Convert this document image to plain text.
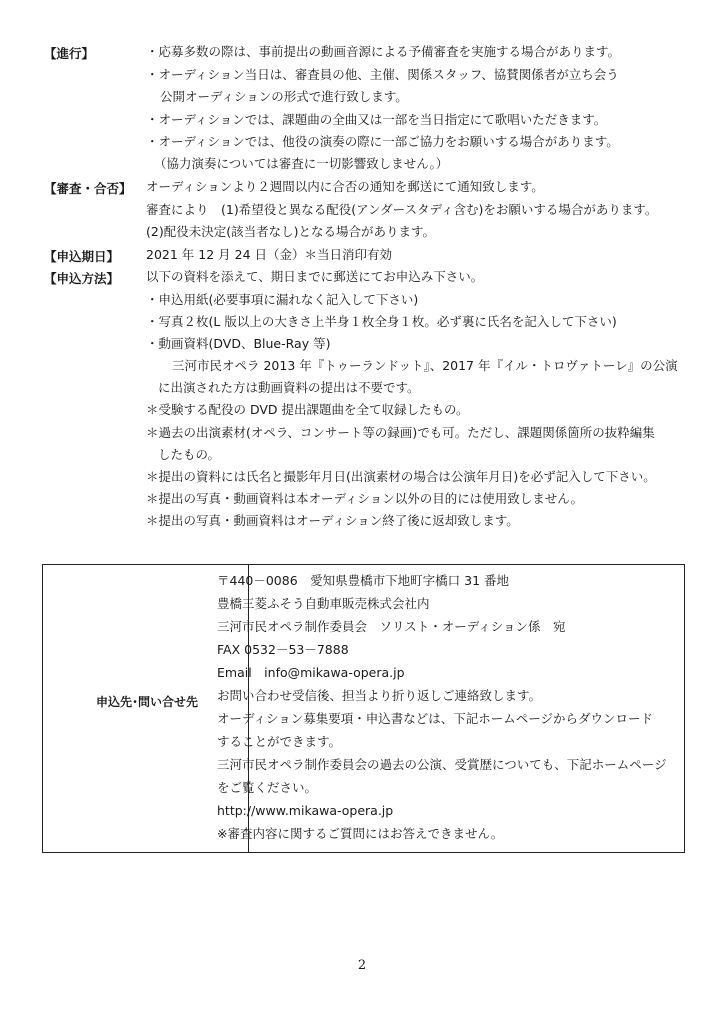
【進行】	・応募多数の際は、事前提出の動画音源による予備審査を実施する場合があります。
・オーディション当日は、審査員の他、主催、関係スタッフ、協賛関係者が立ち会う
公開オーディションの形式で進行致します。
・オーディションでは、課題曲の全曲又は一部を当日指定にて歌唱いただきます。
・オーディションでは、他役の演奏の際に一部ご協力をお願いする場合があります。
（協力演奏については審査に一切影響致しません。）
【審査・合否】 オーディションより２週間以内に合否の通知を郵送にて通知致します。
審査により　(1)希望役と異なる配役(アンダースタディ含む)をお願いする場合があります。
(2)配役未決定(該当者なし)となる場合があります。
【申込期日】 2021 年 12 月 24 日（金）＊当日消印有効
【申込方法】 以下の資料を添えて、期日までに郵送にてお申込み下さい。
・申込用紙(必要事項に漏れなく記入して下さい)
・写真２枚(L 版以上の大きさ上半身１枚全身１枚。必ず裏に氏名を記入して下さい)
・動画資料(DVD、Blue‐Ray 等)
三河市民オペラ 2013 年『トゥーランドット』、2017 年『イル・トロヴァトーレ』の公演
に出演された方は動画資料の提出は不要です。
＊受験する配役の DVD 提出課題曲を全て収録したもの。
＊過去の出演素材(オペラ、コンサート等の録画)でも可。ただし、課題関係箇所の抜粋編集
したもの。
＊提出の資料には氏名と撮影年月日(出演素材の場合は公演年月日)を必ず記入して下さい。
＊提出の写真・動画資料は本オーディション以外の目的には使用致しません。
＊提出の写真・動画資料はオーディション終了後に返却致します。
申込先･問い合せ先
〒440－0086　愛知県豊橋市下地町字橋口 31 番地
豊橋三菱ふそう自動車販売株式会社内
三河市民オペラ制作委員会　ソリスト・オーディション係　宛
FAX 0532－53－7888
Email　info@mikawa-opera.jp
お問い合わせ受信後、担当より折り返しご連絡致します。
オーディション募集要項・申込書などは、下記ホームページからダウンロード
することができます。
三河市民オペラ制作委員会の過去の公演、受賞歴についても、下記ホームページ
をご覧ください。
http://www.mikawa-opera.jp
※審査内容に関するご質問にはお答えできません。
2
